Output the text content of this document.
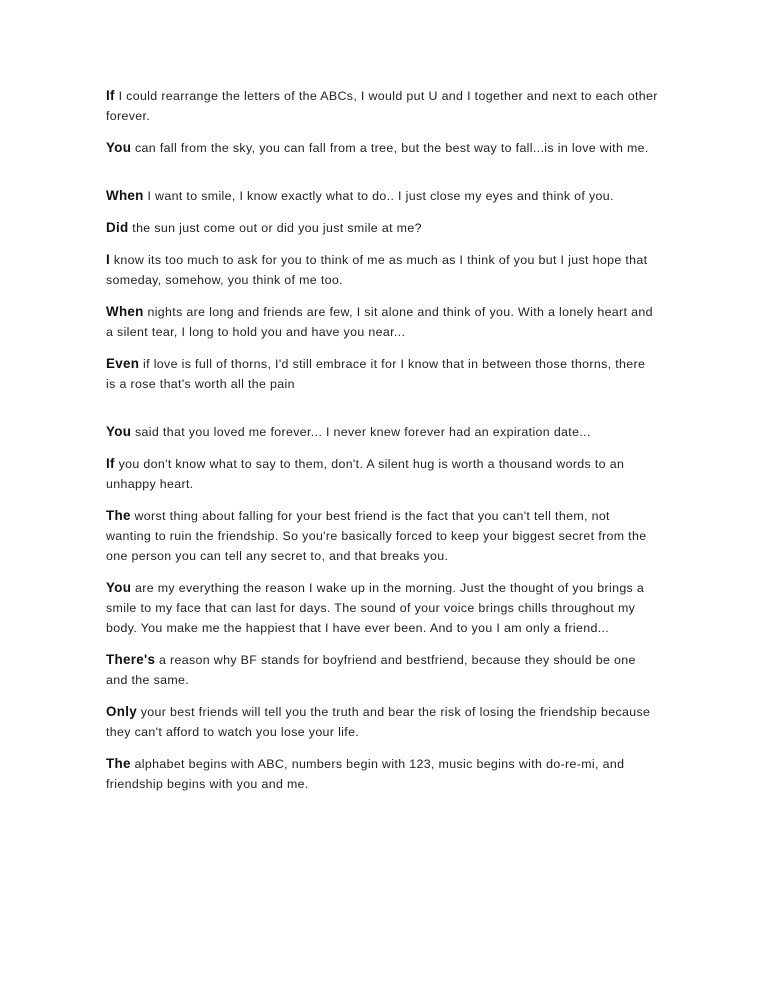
If I could rearrange the letters of the ABCs, I would put U and I together and next to each other forever.

You can fall from the sky, you can fall from a tree, but the best way to fall...is in love with me.

When I want to smile, I know exactly what to do.. I just close my eyes and think of you.

Did the sun just come out or did you just smile at me?

I know its too much to ask for you to think of me as much as I think of you but I just hope that someday, somehow, you think of me too.

When nights are long and friends are few, I sit alone and think of you. With a lonely heart and a silent tear, I long to hold you and have you near...

Even if love is full of thorns, I'd still embrace it for I know that in between those thorns, there is a rose that's worth all the pain

You said that you loved me forever... I never knew forever had an expiration date...

If you don't know what to say to them, don't. A silent hug is worth a thousand words to an unhappy heart.

The worst thing about falling for your best friend is the fact that you can't tell them, not wanting to ruin the friendship. So you're basically forced to keep your biggest secret from the one person you can tell any secret to, and that breaks you.

You are my everything the reason I wake up in the morning. Just the thought of you brings a smile to my face that can last for days. The sound of your voice brings chills throughout my body. You make me the happiest that I have ever been. And to you I am only a friend...

There's a reason why BF stands for boyfriend and bestfriend, because they should be one and the same.

Only your best friends will tell you the truth and bear the risk of losing the friendship because they can't afford to watch you lose your life.

The alphabet begins with ABC, numbers begin with 123, music begins with do-re-mi, and friendship begins with you and me.
